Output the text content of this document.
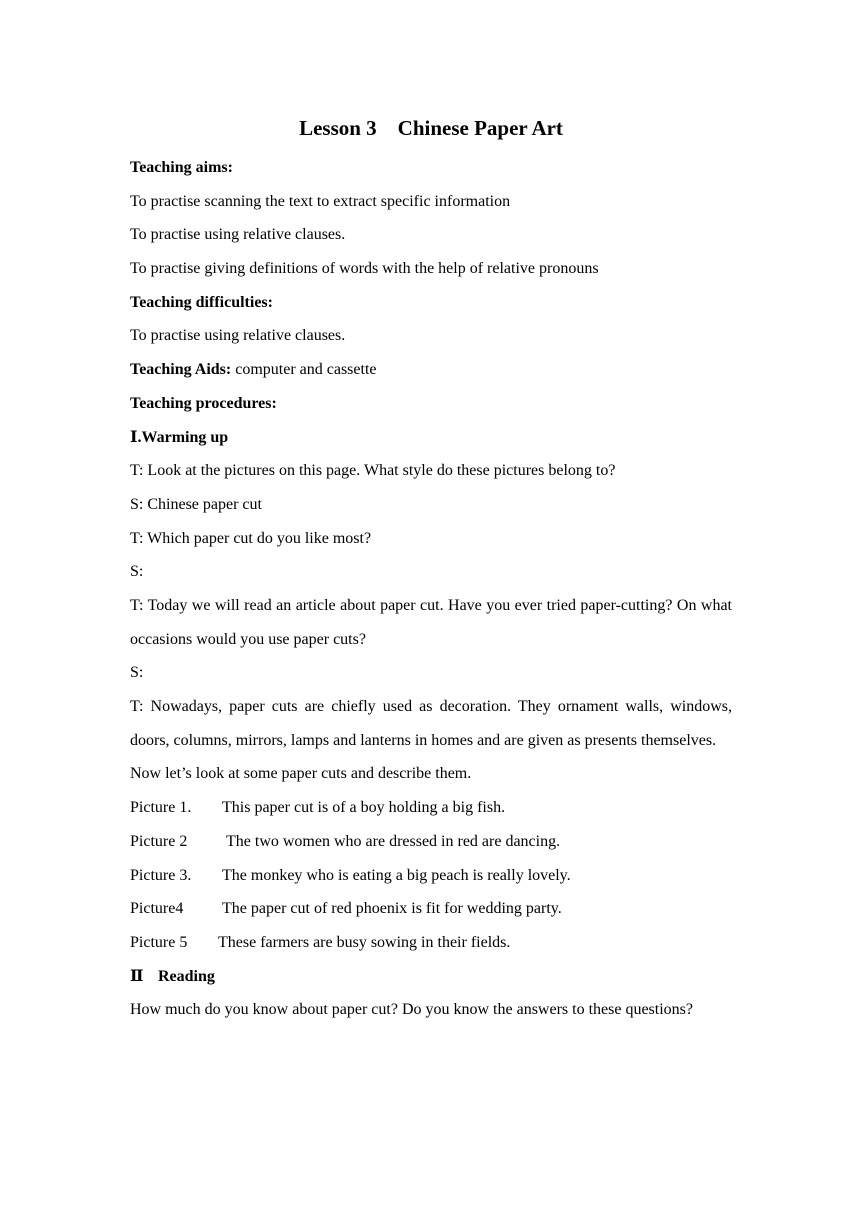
Lesson 3    Chinese Paper Art
Teaching aims:
To practise scanning the text to extract specific information
To practise using relative clauses.
To practise giving definitions of words with the help of relative pronouns
Teaching difficulties:
To practise using relative clauses.
Teaching Aids: computer and cassette
Teaching procedures:
Ⅰ.Warming up
T: Look at the pictures on this page. What style do these pictures belong to?
S: Chinese paper cut
T: Which paper cut do you like most?
S:
T: Today we will read an article about paper cut. Have you ever tried paper-cutting? On what occasions would you use paper cuts?
S:
T: Nowadays, paper cuts are chiefly used as decoration. They ornament walls, windows, doors, columns, mirrors, lamps and lanterns in homes and are given as presents themselves.
Now let’s look at some paper cuts and describe them.
Picture 1. This paper cut is of a boy holding a big fish.
Picture 2 The two women who are dressed in red are dancing.
Picture 3. The monkey who is eating a big peach is really lovely.
Picture4 The paper cut of red phoenix is fit for wedding party.
Picture 5 These farmers are busy sowing in their fields.
Ⅱ Reading
How much do you know about paper cut? Do you know the answers to these questions?
